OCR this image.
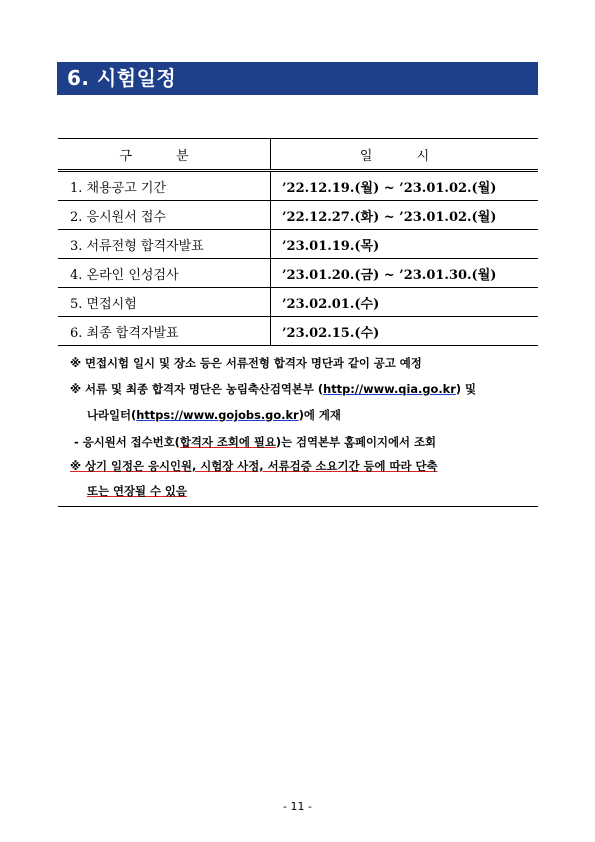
6. 시험일정
구 분	일 시
1. 채용공고 기간	’22.12.19.(월) ~ ’23.01.02.(월)
2. 응시원서 접수	’22.12.27.(화) ~ ’23.01.02.(월)
3. 서류전형 합격자발표	’23.01.19.(목)
4. 온라인 인성검사	’23.01.20.(금) ~ ’23.01.30.(월)
5. 면접시험	’23.02.01.(수)
6. 최종 합격자발표	’23.02.15.(수)
※ 면접시험 일시 및 장소 등은 서류전형 합격자 명단과 같이 공고 예정
※ 서류 및 최종 합격자 명단은 농림축산검역본부 (http://www.qia.go.kr) 및
나라일터(https://www.gojobs.go.kr)에 게재
- 응시원서 접수번호(합격자 조회에 필요)는 검역본부 홈페이지에서 조회
※ 상기 일정은 응시인원, 시험장 사정, 서류검증 소요기간 등에 따라 단축
또는 연장될 수 있음
- 11 -
